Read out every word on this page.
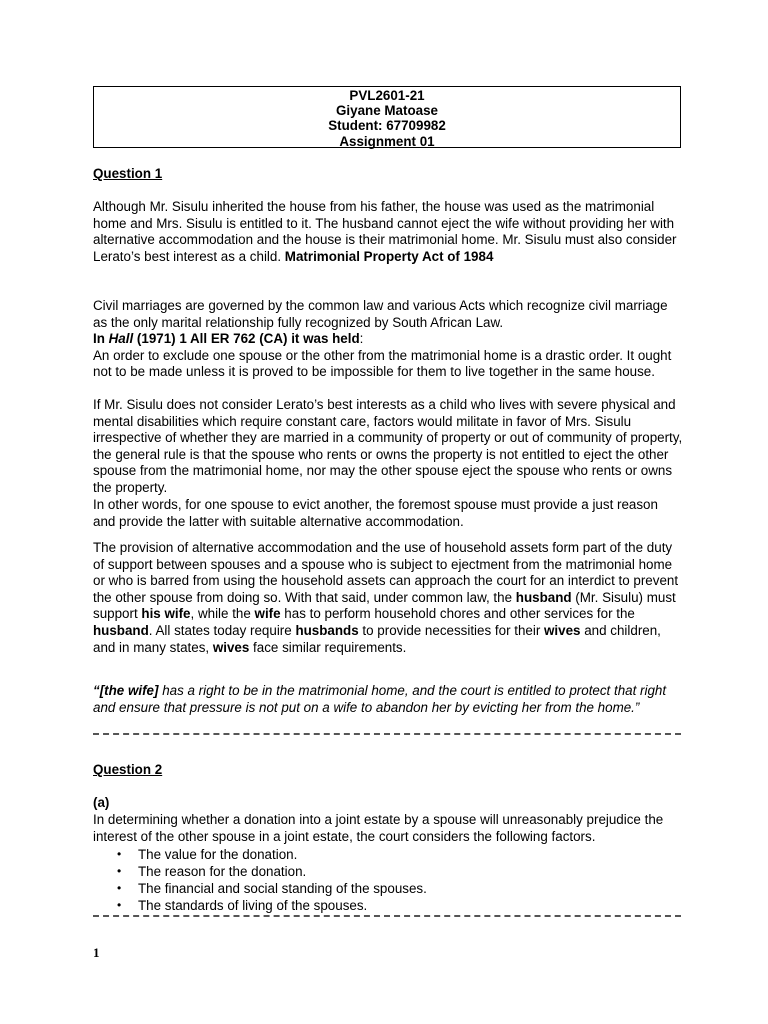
PVL2601-21
Giyane Matoase
Student: 67709982
Assignment 01
Question 1
Although Mr. Sisulu inherited the house from his father, the house was used as the matrimonial home and Mrs. Sisulu is entitled to it. The husband cannot eject the wife without providing her with alternative accommodation and the house is their matrimonial home. Mr. Sisulu must also consider Lerato’s best interest as a child. Matrimonial Property Act of 1984
Civil marriages are governed by the common law and various Acts which recognize civil marriage as the only marital relationship fully recognized by South African Law.
In Hall (1971) 1 All ER 762 (CA) it was held:
An order to exclude one spouse or the other from the matrimonial home is a drastic order. It ought not to be made unless it is proved to be impossible for them to live together in the same house.
If Mr. Sisulu does not consider Lerato’s best interests as a child who lives with severe physical and mental disabilities which require constant care, factors would militate in favor of Mrs. Sisulu irrespective of whether they are married in a community of property or out of community of property, the general rule is that the spouse who rents or owns the property is not entitled to eject the other spouse from the matrimonial home, nor may the other spouse eject the spouse who rents or owns the property.
In other words, for one spouse to evict another, the foremost spouse must provide a just reason and provide the latter with suitable alternative accommodation.
The provision of alternative accommodation and the use of household assets form part of the duty of support between spouses and a spouse who is subject to ejectment from the matrimonial home or who is barred from using the household assets can approach the court for an interdict to prevent the other spouse from doing so. With that said, under common law, the husband (Mr. Sisulu) must support his wife, while the wife has to perform household chores and other services for the husband. All states today require husbands to provide necessities for their wives and children, and in many states, wives face similar requirements.
“[the wife] has a right to be in the matrimonial home, and the court is entitled to protect that right and ensure that pressure is not put on a wife to abandon her by evicting her from the home.”
Question 2
(a)
In determining whether a donation into a joint estate by a spouse will unreasonably prejudice the interest of the other spouse in a joint estate, the court considers the following factors.
• The value for the donation.
• The reason for the donation.
• The financial and social standing of the spouses.
• The standards of living of the spouses.
1
